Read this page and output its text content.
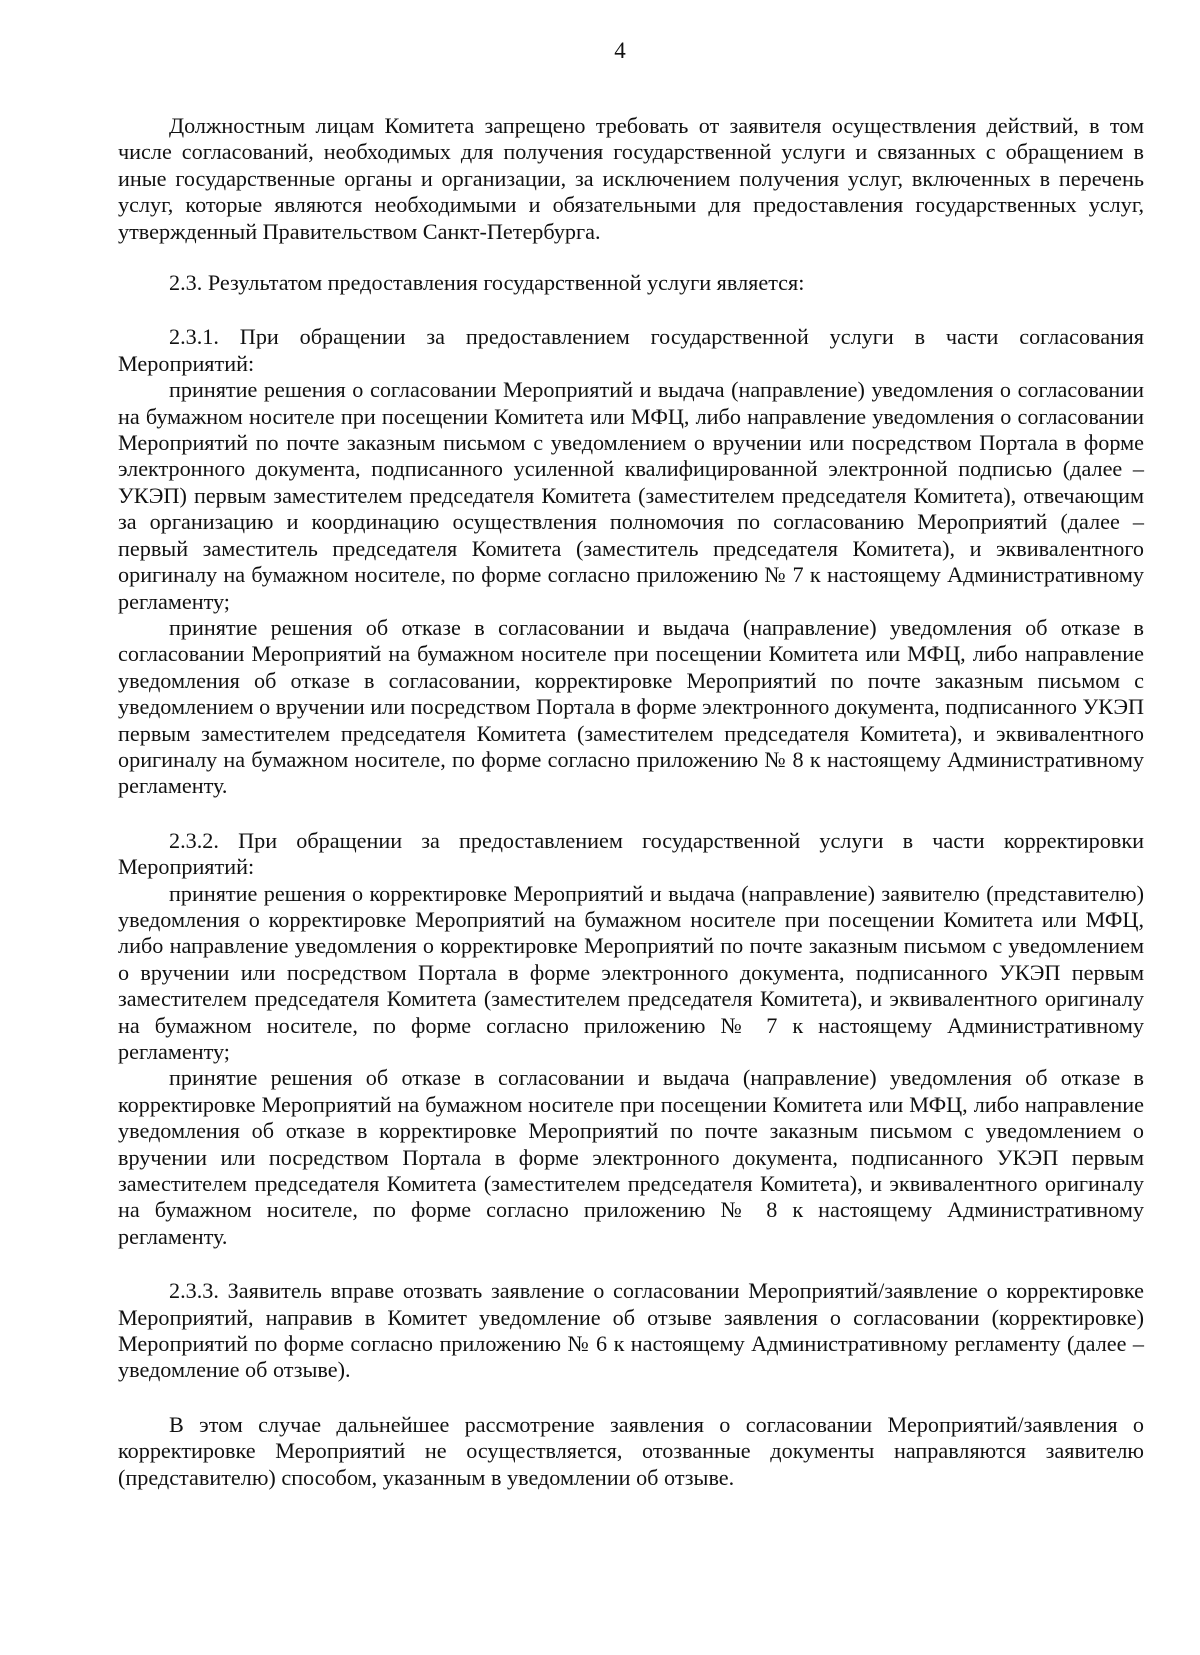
4

Должностным лицам Комитета запрещено требовать от заявителя осуществления действий, в том числе согласований, необходимых для получения государственной услуги и связанных с обращением в иные государственные органы и организации, за исключением получения услуг, включенных в перечень услуг, которые являются необходимыми и обязательными для предоставления государственных услуг, утвержденный Правительством Санкт-Петербурга.

2.3. Результатом предоставления государственной услуги является:

2.3.1. При обращении за предоставлением государственной услуги в части согласования Мероприятий:

принятие решения о согласовании Мероприятий и выдача (направление) уведомления о согласовании на бумажном носителе при посещении Комитета или МФЦ, либо направление уведомления о согласовании Мероприятий по почте заказным письмом с уведомлением о вручении или посредством Портала в форме электронного документа, подписанного усиленной квалифицированной электронной подписью (далее – УКЭП) первым заместителем председателя Комитета (заместителем председателя Комитета), отвечающим за организацию и координацию осуществления полномочия по согласованию Мероприятий (далее – первый заместитель председателя Комитета (заместитель председателя Комитета), и эквивалентного оригиналу на бумажном носителе, по форме согласно приложению № 7 к настоящему Административному регламенту;

принятие решения об отказе в согласовании и выдача (направление) уведомления об отказе в согласовании Мероприятий на бумажном носителе при посещении Комитета или МФЦ, либо направление уведомления об отказе в согласовании, корректировке Мероприятий по почте заказным письмом с уведомлением о вручении или посредством Портала в форме электронного документа, подписанного УКЭП первым заместителем председателя Комитета (заместителем председателя Комитета), и эквивалентного оригиналу на бумажном носителе, по форме согласно приложению № 8 к настоящему Административному регламенту.

2.3.2. При обращении за предоставлением государственной услуги в части корректировки Мероприятий:

принятие решения о корректировке Мероприятий и выдача (направление) заявителю (представителю) уведомления о корректировке Мероприятий на бумажном носителе при посещении Комитета или МФЦ, либо направление уведомления о корректировке Мероприятий по почте заказным письмом с уведомлением о вручении или посредством Портала в форме электронного документа, подписанного УКЭП первым заместителем председателя Комитета (заместителем председателя Комитета), и эквивалентного оригиналу на бумажном носителе, по форме согласно приложению № 7 к настоящему Административному регламенту;

принятие решения об отказе в согласовании и выдача (направление) уведомления об отказе в корректировке Мероприятий на бумажном носителе при посещении Комитета или МФЦ, либо направление уведомления об отказе в корректировке Мероприятий по почте заказным письмом с уведомлением о вручении или посредством Портала в форме электронного документа, подписанного УКЭП первым заместителем председателя Комитета (заместителем председателя Комитета), и эквивалентного оригиналу на бумажном носителе, по форме согласно приложению № 8 к настоящему Административному регламенту.

2.3.3. Заявитель вправе отозвать заявление о согласовании Мероприятий/заявление о корректировке Мероприятий, направив в Комитет уведомление об отзыве заявления о согласовании (корректировке) Мероприятий по форме согласно приложению № 6 к настоящему Административному регламенту (далее – уведомление об отзыве).

В этом случае дальнейшее рассмотрение заявления о согласовании Мероприятий/заявления о корректировке Мероприятий не осуществляется, отозванные документы направляются заявителю (представителю) способом, указанным в уведомлении об отзыве.
